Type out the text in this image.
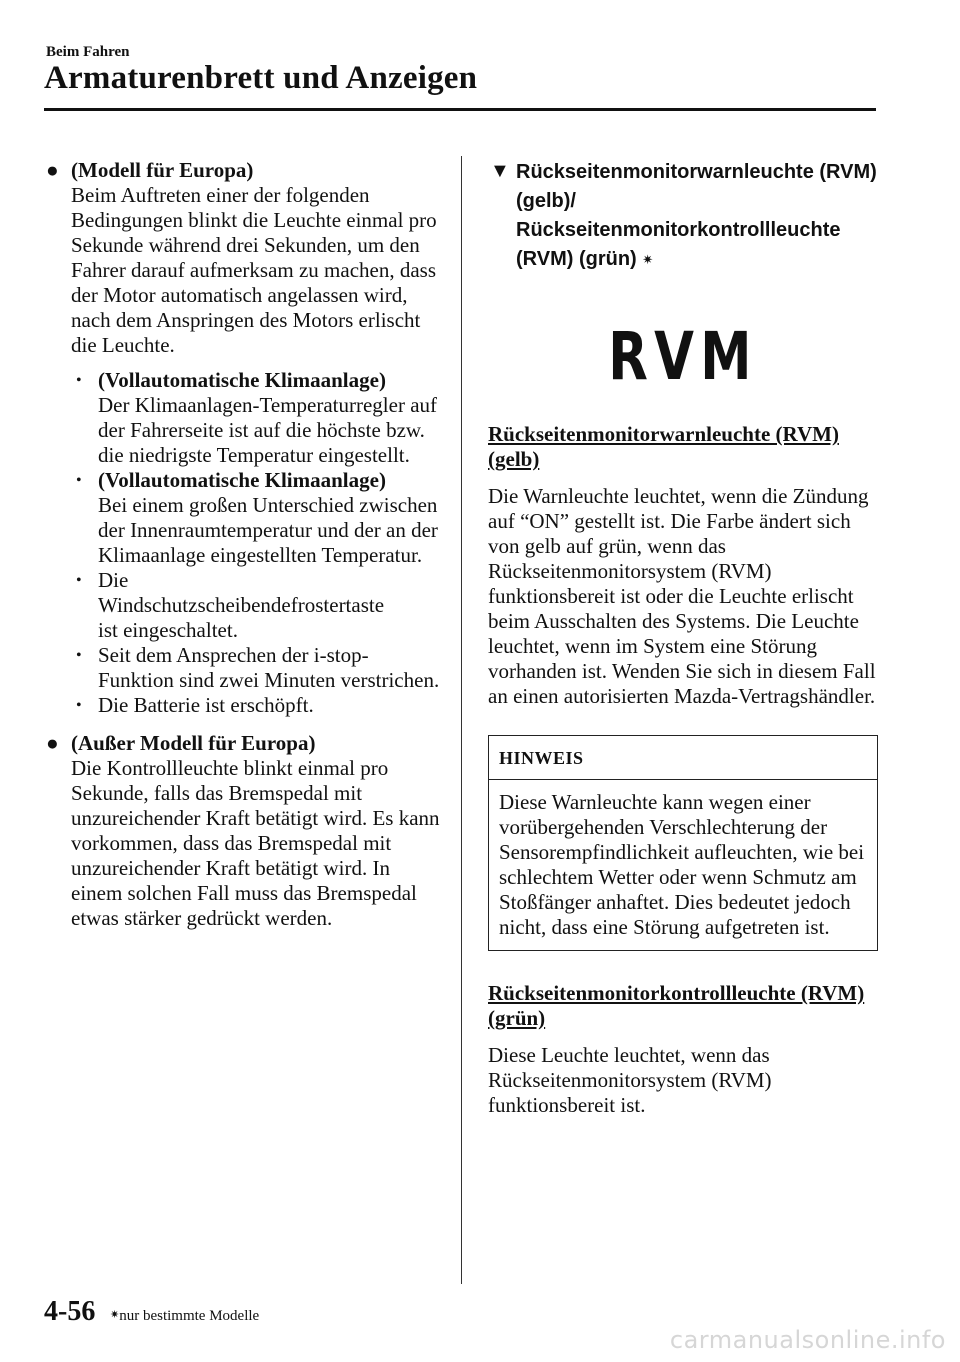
Beim Fahren
Armaturenbrett und Anzeigen
● (Modell für Europa)
Beim Auftreten einer der folgenden Bedingungen blinkt die Leuchte einmal pro Sekunde während drei Sekunden, um den Fahrer darauf aufmerksam zu machen, dass der Motor automatisch angelassen wird, nach dem Anspringen des Motors erlischt die Leuchte.
• (Vollautomatische Klimaanlage)
Der Klimaanlagen-Temperaturregler auf der Fahrerseite ist auf die höchste bzw. die niedrigste Temperatur eingestellt.
• (Vollautomatische Klimaanlage)
Bei einem großen Unterschied zwischen der Innenraumtemperatur und der an der Klimaanlage eingestellten Temperatur.
• Die
Windschutzscheibendefrostertaste
ist eingeschaltet.
• Seit dem Ansprechen der i-stop-Funktion sind zwei Minuten verstrichen.
• Die Batterie ist erschöpft.
● (Außer Modell für Europa)
Die Kontrollleuchte blinkt einmal pro Sekunde, falls das Bremspedal mit unzureichender Kraft betätigt wird. Es kann vorkommen, dass das Bremspedal mit unzureichender Kraft betätigt wird. In einem solchen Fall muss das Bremspedal etwas stärker gedrückt werden.
▼ Rückseitenmonitorwarnleuchte (RVM)
(gelb)/
Rückseitenmonitorkontrollleuchte
(RVM) (grün) ✷
RVM
Rückseitenmonitorwarnleuchte (RVM) (gelb)
Die Warnleuchte leuchtet, wenn die Zündung auf “ON” gestellt ist. Die Farbe ändert sich von gelb auf grün, wenn das Rückseitenmonitorsystem (RVM) funktionsbereit ist oder die Leuchte erlischt beim Ausschalten des Systems. Die Leuchte leuchtet, wenn im System eine Störung vorhanden ist. Wenden Sie sich in diesem Fall an einen autorisierten Mazda-Vertragshändler.
HINWEIS
Diese Warnleuchte kann wegen einer vorübergehenden Verschlechterung der Sensorempfindlichkeit aufleuchten, wie bei schlechtem Wetter oder wenn Schmutz am Stoßfänger anhaftet. Dies bedeutet jedoch nicht, dass eine Störung aufgetreten ist.
Rückseitenmonitorkontrollleuchte (RVM) (grün)
Diese Leuchte leuchtet, wenn das Rückseitenmonitorsystem (RVM) funktionsbereit ist.
4-56 ✷nur bestimmte Modelle
carmanualsonline.info
